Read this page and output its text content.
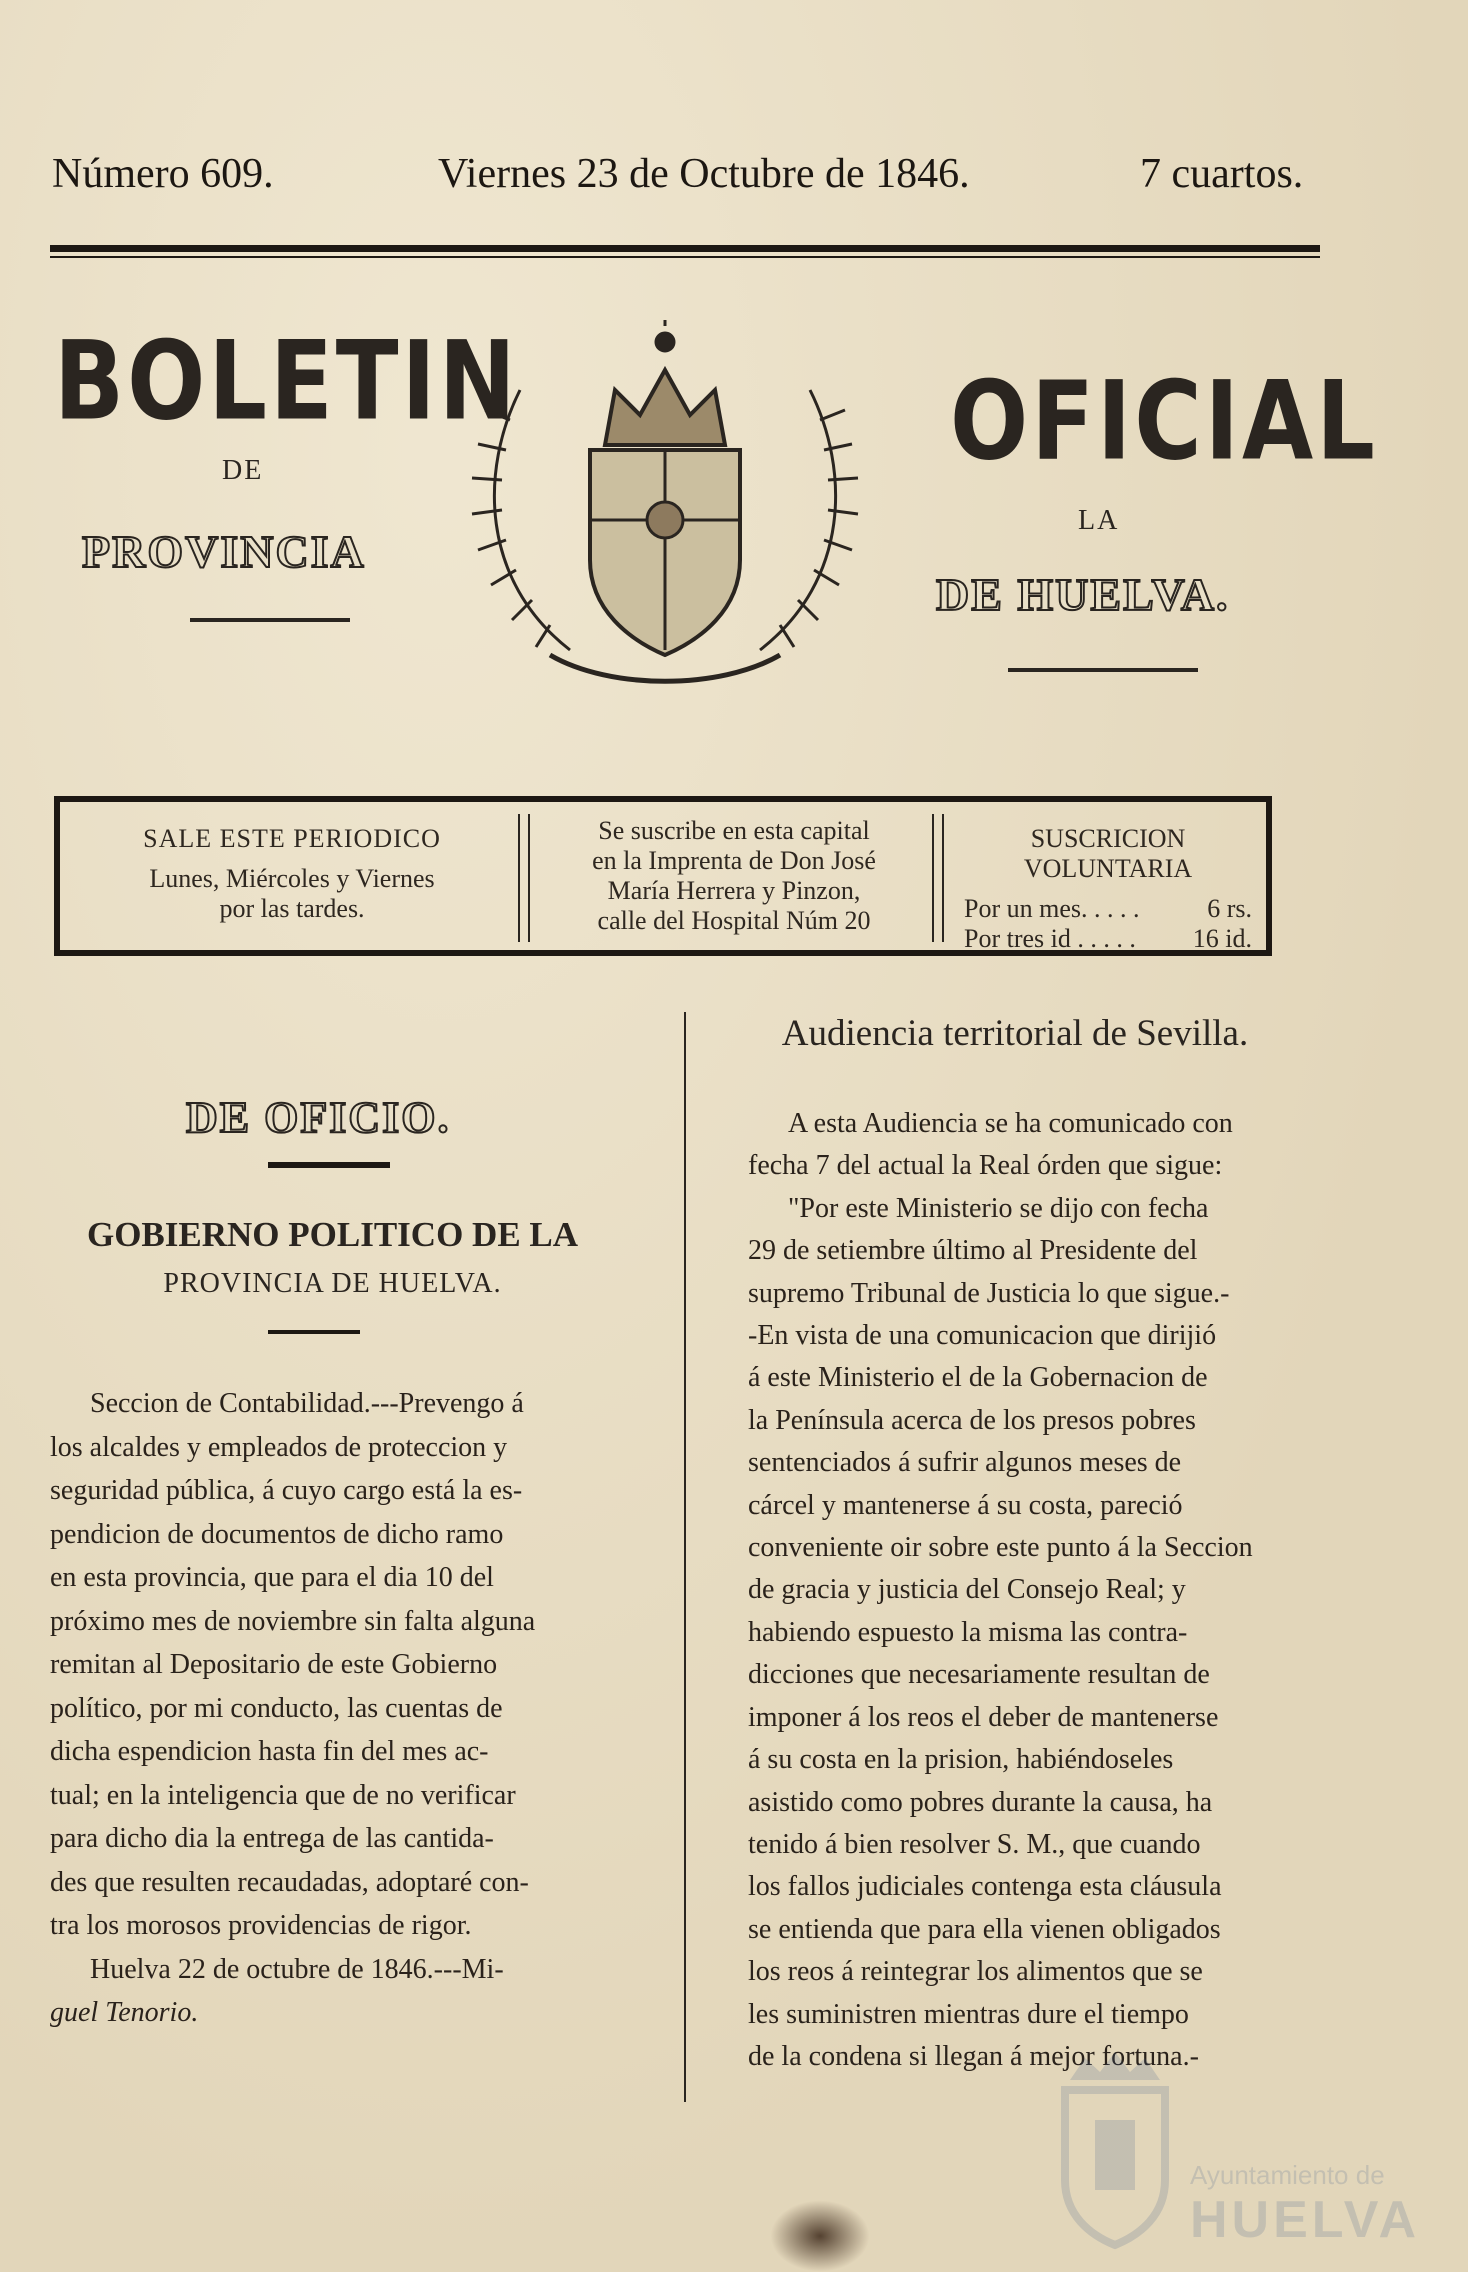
Número 609.	Viernes 23 de Octubre de 1846.	7 cuartos.
BOLETIN
DE
PROVINCIA
OFICIAL
LA
DE HUELVA.
SALE ESTE PERIODICO
Lunes, Miércoles y Viernes
por las tardes.
Se suscribe en esta capital
en la Imprenta de Don José
María Herrera y Pinzon,
calle del Hospital Núm 20
SUSCRICION VOLUNTARIA
Por un mes. . . . .	6 rs.
Por tres id . . . . . 16 id.
DE OFICIO.
GOBIERNO POLITICO DE LA
PROVINCIA DE HUELVA.
Seccion de Contabilidad.---Prevengo á
los alcaldes y empleados de proteccion y
seguridad pública, á cuyo cargo está la es-
pendicion de documentos de dicho ramo
en esta provincia, que para el dia 10 del
próximo mes de noviembre sin falta alguna
remitan al Depositario de este Gobierno
político, por mi conducto, las cuentas de
dicha espendicion hasta fin del mes ac-
tual; en la inteligencia que de no verificar
para dicho dia la entrega de las cantida-
des que resulten recaudadas, adoptaré con-
tra los morosos providencias de rigor.
Huelva 22 de octubre de 1846.---Mi-
guel Tenorio.
Audiencia territorial de Sevilla.
A esta Audiencia se ha comunicado con
fecha 7 del actual la Real órden que sigue:
"Por este Ministerio se dijo con fecha
29 de setiembre último al Presidente del
supremo Tribunal de Justicia lo que sigue.-
-En vista de una comunicacion que dirijió
á este Ministerio el de la Gobernacion de
la Península acerca de los presos pobres
sentenciados á sufrir algunos meses de
cárcel y mantenerse á su costa, pareció
conveniente oir sobre este punto á la Seccion
de gracia y justicia del Consejo Real; y
habiendo espuesto la misma las contra-
dicciones que necesariamente resultan de
imponer á los reos el deber de mantenerse
á su costa en la prision, habiéndoseles
asistido como pobres durante la causa, ha
tenido á bien resolver S. M., que cuando
los fallos judiciales contenga esta cláusula
se entienda que para ella vienen obligados
los reos á reintegrar los alimentos que se
les suministren mientras dure el tiempo
de la condena si llegan á mejor fortuna.-
Ayuntamiento de
HUELVA
